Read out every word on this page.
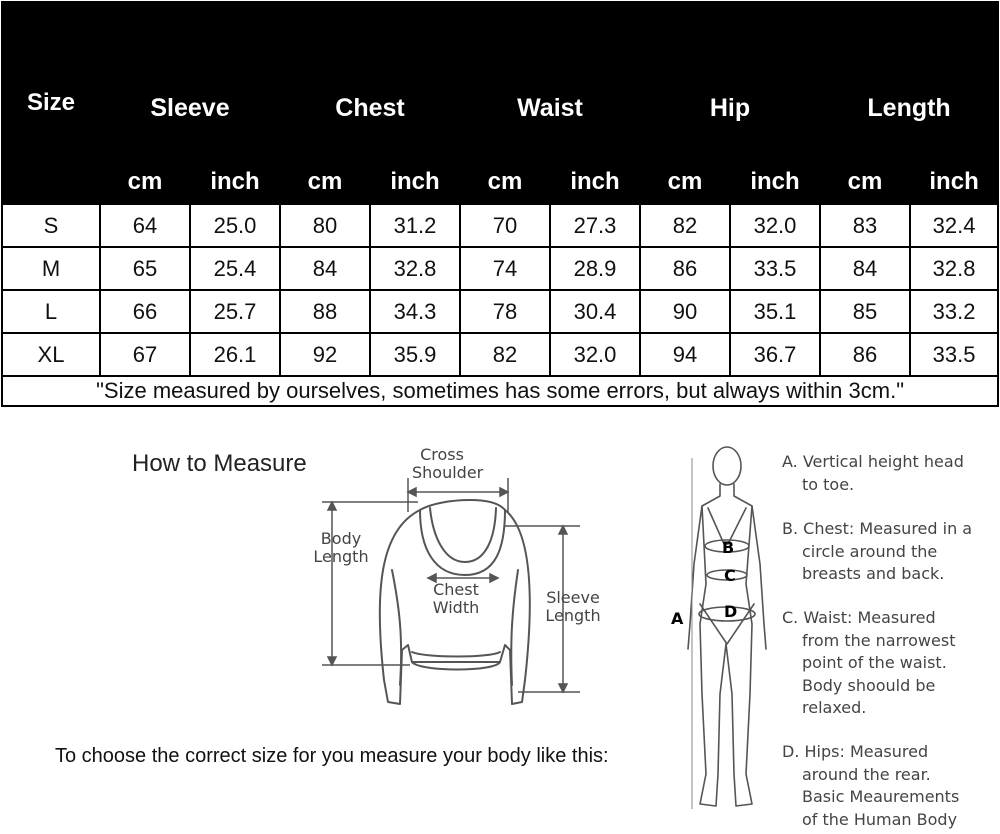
Size										
	Sleeve		Chest		Waist		Hip		Length	
	cm	inch	cm	inch	cm	inch	cm	inch	cm	inch
S	64	25.0	80	31.2	70	27.3	82	32.0	83	32.4
M	65	25.4	84	32.8	74	28.9	86	33.5	84	32.8
L	66	25.7	88	34.3	78	30.4	90	35.1	85	33.2
XL	67	26.1	92	35.9	82	32.0	94	36.7	86	33.5
"Size measured by ourselves, sometimes has some errors, but always within 3cm."										
How to Measure	Cross
Shoulder
Body
Length
Chest
Width
Sleeve
Length
To choose the correct size for you measure your body like this:
B
C
D
A
A. Vertical height head
to toe.
B. Chest: Measured in a
circle around the
breasts and back.
C. Waist: Measured
from the narrowest
point of the waist.
Body shoould be
relaxed.
D. Hips: Measured
around the rear.
Basic Meaurements
of the Human Body
